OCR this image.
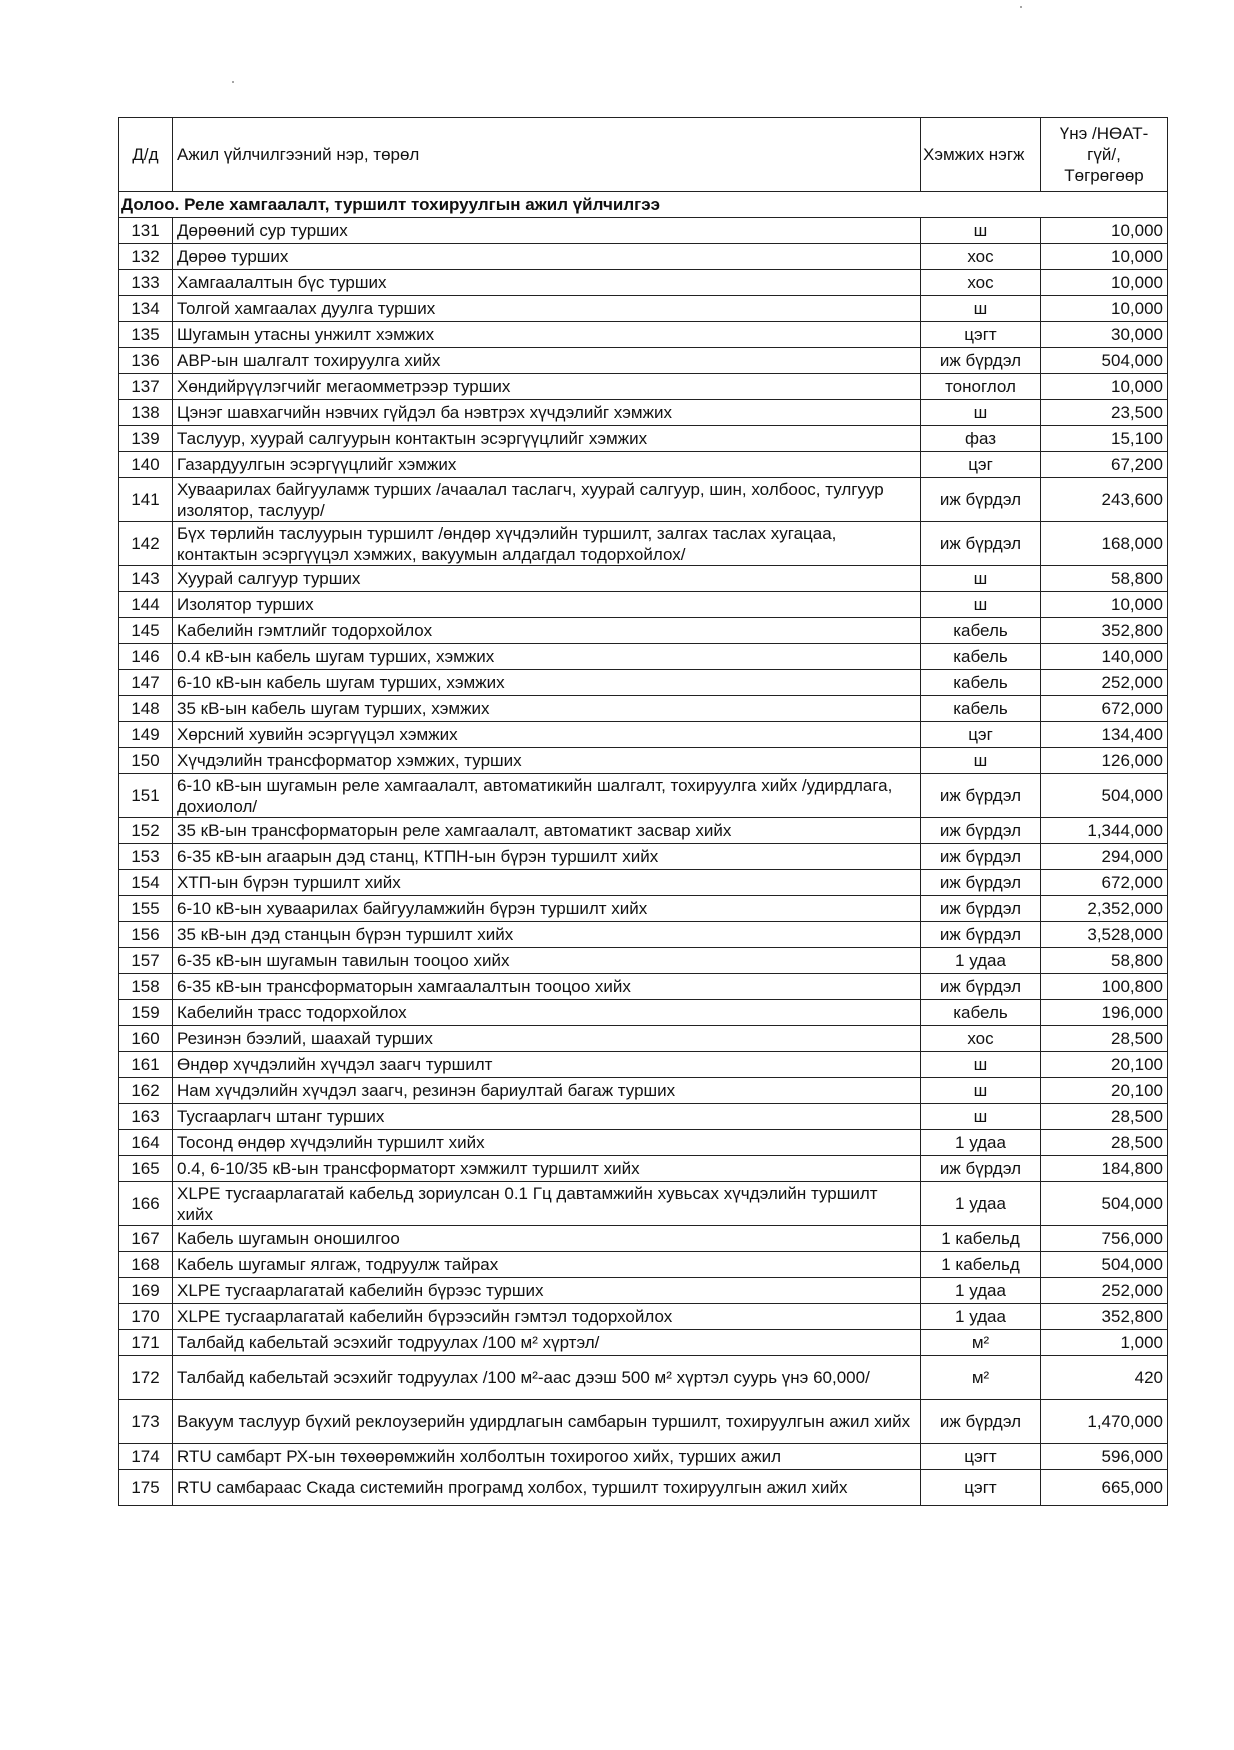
Д/д	Ажил үйлчилгээний нэр, төрөл	Хэмжих нэгж	Үнэ /НӨАТ-
гүй/,
Төгрөгөөр

Долоо. Реле хамгаалалт, туршилт тохируулгын ажил үйлчилгээ			
131	Дөрөөний сур турших	ш	10,000
132	Дөрөө турших	хос	10,000
133	Хамгаалалтын бүс турших	хос	10,000
134	Толгой хамгаалах дуулга турших	ш	10,000
135	Шугамын утасны унжилт хэмжих	цэгт	30,000
136	АВР-ын шалгалт тохируулга хийх	иж бүрдэл	504,000
137	Хөндийрүүлэгчийг мегаомметрээр турших	тоноглол	10,000
138	Цэнэг шавхагчийн нэвчих гүйдэл ба нэвтрэх хүчдэлийг хэмжих	ш	23,500
139	Таслуур, хуурай салгуурын контактын эсэргүүцлийг хэмжих	фаз	15,100
140	Газардуулгын эсэргүүцлийг хэмжих	цэг	67,200
141	Хуваарилах байгууламж турших /ачаалал таслагч, хуурай салгуур, шин, холбоос, тулгуур изолятор, таслуур/	иж бүрдэл	243,600
142	Бүх төрлийн таслуурын туршилт /өндөр хүчдэлийн туршилт, залгах таслах хугацаа, контактын эсэргүүцэл хэмжих, вакуумын алдагдал тодорхойлох/	иж бүрдэл	168,000
143	Хуурай салгуур турших	ш	58,800
144	Изолятор турших	ш	10,000
145	Кабелийн гэмтлийг тодорхойлох	кабель	352,800
146	0.4 кВ-ын кабель шугам турших, хэмжих	кабель	140,000
147	6-10 кВ-ын кабель шугам турших, хэмжих	кабель	252,000
148	35 кВ-ын кабель шугам турших, хэмжих	кабель	672,000
149	Хөрсний хувийн эсэргүүцэл хэмжих	цэг	134,400
150	Хүчдэлийн трансформатор хэмжих, турших	ш	126,000
151	6-10 кВ-ын шугамын реле хамгаалалт, автоматикийн шалгалт, тохируулга хийх /удирдлага, дохиолол/	иж бүрдэл	504,000
152	35 кВ-ын трансформаторын реле хамгаалалт, автоматикт засвар хийх	иж бүрдэл	1,344,000
153	6-35 кВ-ын агаарын дэд станц, КТПН-ын бүрэн туршилт хийх	иж бүрдэл	294,000
154	ХТП-ын бүрэн туршилт хийх	иж бүрдэл	672,000
155	6-10 кВ-ын хуваарилах байгууламжийн бүрэн туршилт хийх	иж бүрдэл	2,352,000
156	35 кВ-ын дэд станцын бүрэн туршилт хийх	иж бүрдэл	3,528,000
157	6-35 кВ-ын шугамын тавилын тооцоо хийх	1 удаа	58,800
158	6-35 кВ-ын трансформаторын хамгаалалтын тооцоо хийх	иж бүрдэл	100,800
159	Кабелийн трасс тодорхойлох	кабель	196,000
160	Резинэн бээлий, шаахай турших	хос	28,500
161	Өндөр хүчдэлийн хүчдэл заагч туршилт	ш	20,100
162	Нам хүчдэлийн хүчдэл заагч, резинэн бариултай багаж турших	ш	20,100
163	Тусгаарлагч штанг турших	ш	28,500
164	Тосонд өндөр хүчдэлийн туршилт хийх	1 удаа	28,500
165	0.4, 6-10/35 кВ-ын трансформаторт хэмжилт туршилт хийх	иж бүрдэл	184,800
166	XLPE тусгаарлагатай кабельд зориулсан 0.1 Гц давтамжийн хувьсах хүчдэлийн туршилт хийх	1 удаа	504,000
167	Кабель шугамын оношилгоо	1 кабельд	756,000
168	Кабель шугамыг ялгаж, тодруулж тайрах	1 кабельд	504,000
169	XLPE тусгаарлагатай кабелийн бүрээс турших	1 удаа	252,000
170	XLPE тусгаарлагатай кабелийн бүрээсийн гэмтэл тодорхойлох	1 удаа	352,800
171	Талбайд кабельтай эсэхийг тодруулах /100 м² хүртэл/	м²	1,000
172	Талбайд кабельтай эсэхийг тодруулах /100 м²-аас дээш 500 м² хүртэл суурь үнэ 60,000/	м²	420
173	Вакуум таслуур бүхий реклоузерийн удирдлагын самбарын туршилт, тохируулгын ажил хийх	иж бүрдэл	1,470,000
174	RTU самбарт РХ-ын төхөөрөмжийн холболтын тохирогоо хийх, турших ажил	цэгт	596,000
175	RTU самбараас Скада системийн програмд холбох, туршилт тохируулгын ажил хийх	цэгт	665,000
